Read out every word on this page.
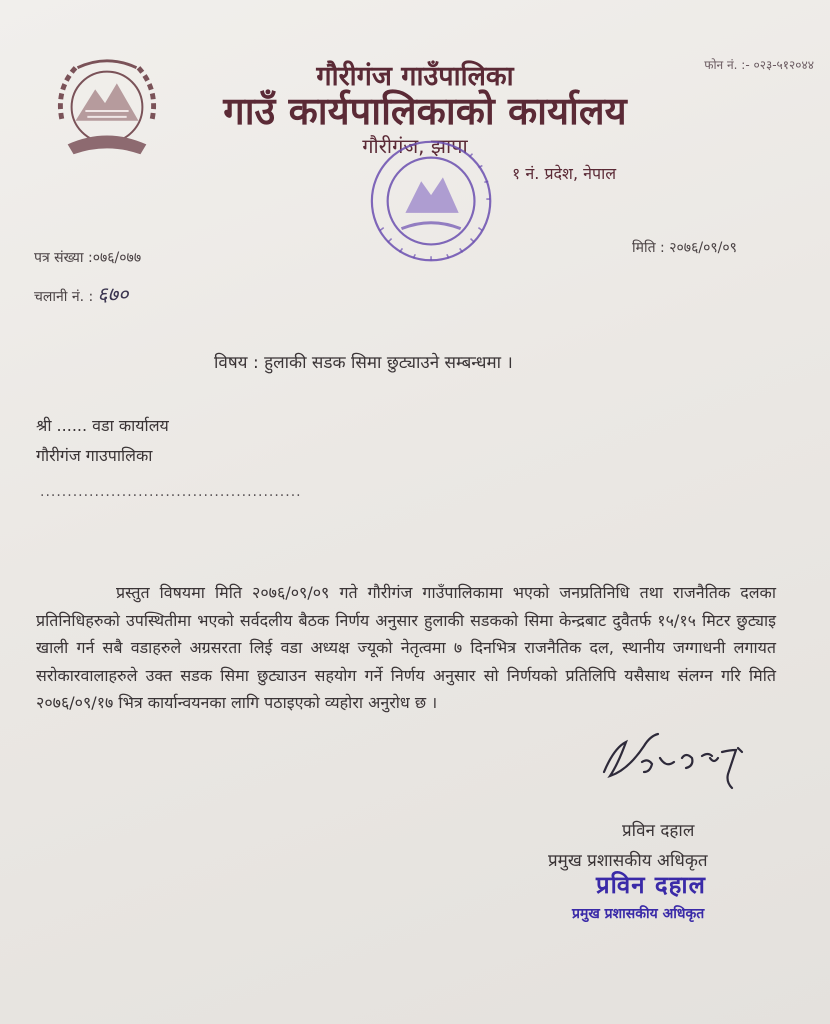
फोन नं. :- ०२३-५१२०४४
गौरीगंज गाउँपालिका
गाउँ कार्यपालिकाको कार्यालय
गौरीगंज, झापा
१ नं. प्रदेश, नेपाल
पत्र संख्या :०७६/०७७
चलानी नं. : ६७०
मिति : २०७६/०९/०९
विषय : हुलाकी सडक सिमा छुट्याउने सम्बन्धमा ।
श्री ...... वडा कार्यालय
गौरीगंज गाउपालिका
................................................

प्रस्तुत विषयमा मिति २०७६/०९/०९ गते गौरीगंज गाउँपालिकामा भएको जनप्रतिनिधि तथा राजनैतिक दलका प्रतिनिधिहरुको उपस्थितीमा भएको सर्वदलीय बैठक निर्णय अनुसार हुलाकी सडकको सिमा केन्द्रबाट दुवैतर्फ १५/१५ मिटर छुट्याइ खाली गर्न सबै वडाहरुले अग्रसरता लिई वडा अध्यक्ष ज्यूको नेतृत्वमा ७ दिनभित्र राजनैतिक दल, स्थानीय जग्गाधनी लगायत सरोकारवालाहरुले उक्त सडक सिमा छुट्याउन सहयोग गर्ने निर्णय अनुसार सो निर्णयको प्रतिलिपि यसैसाथ संलग्न गरि मिति २०७६/०९/१७ भित्र कार्यान्वयनका लागि पठाइएको व्यहोरा अनुरोध छ ।

प्रविन दहाल
प्रमुख प्रशासकीय अधिकृत
प्रविन दहाल
प्रमुख प्रशासकीय अधिकृत
